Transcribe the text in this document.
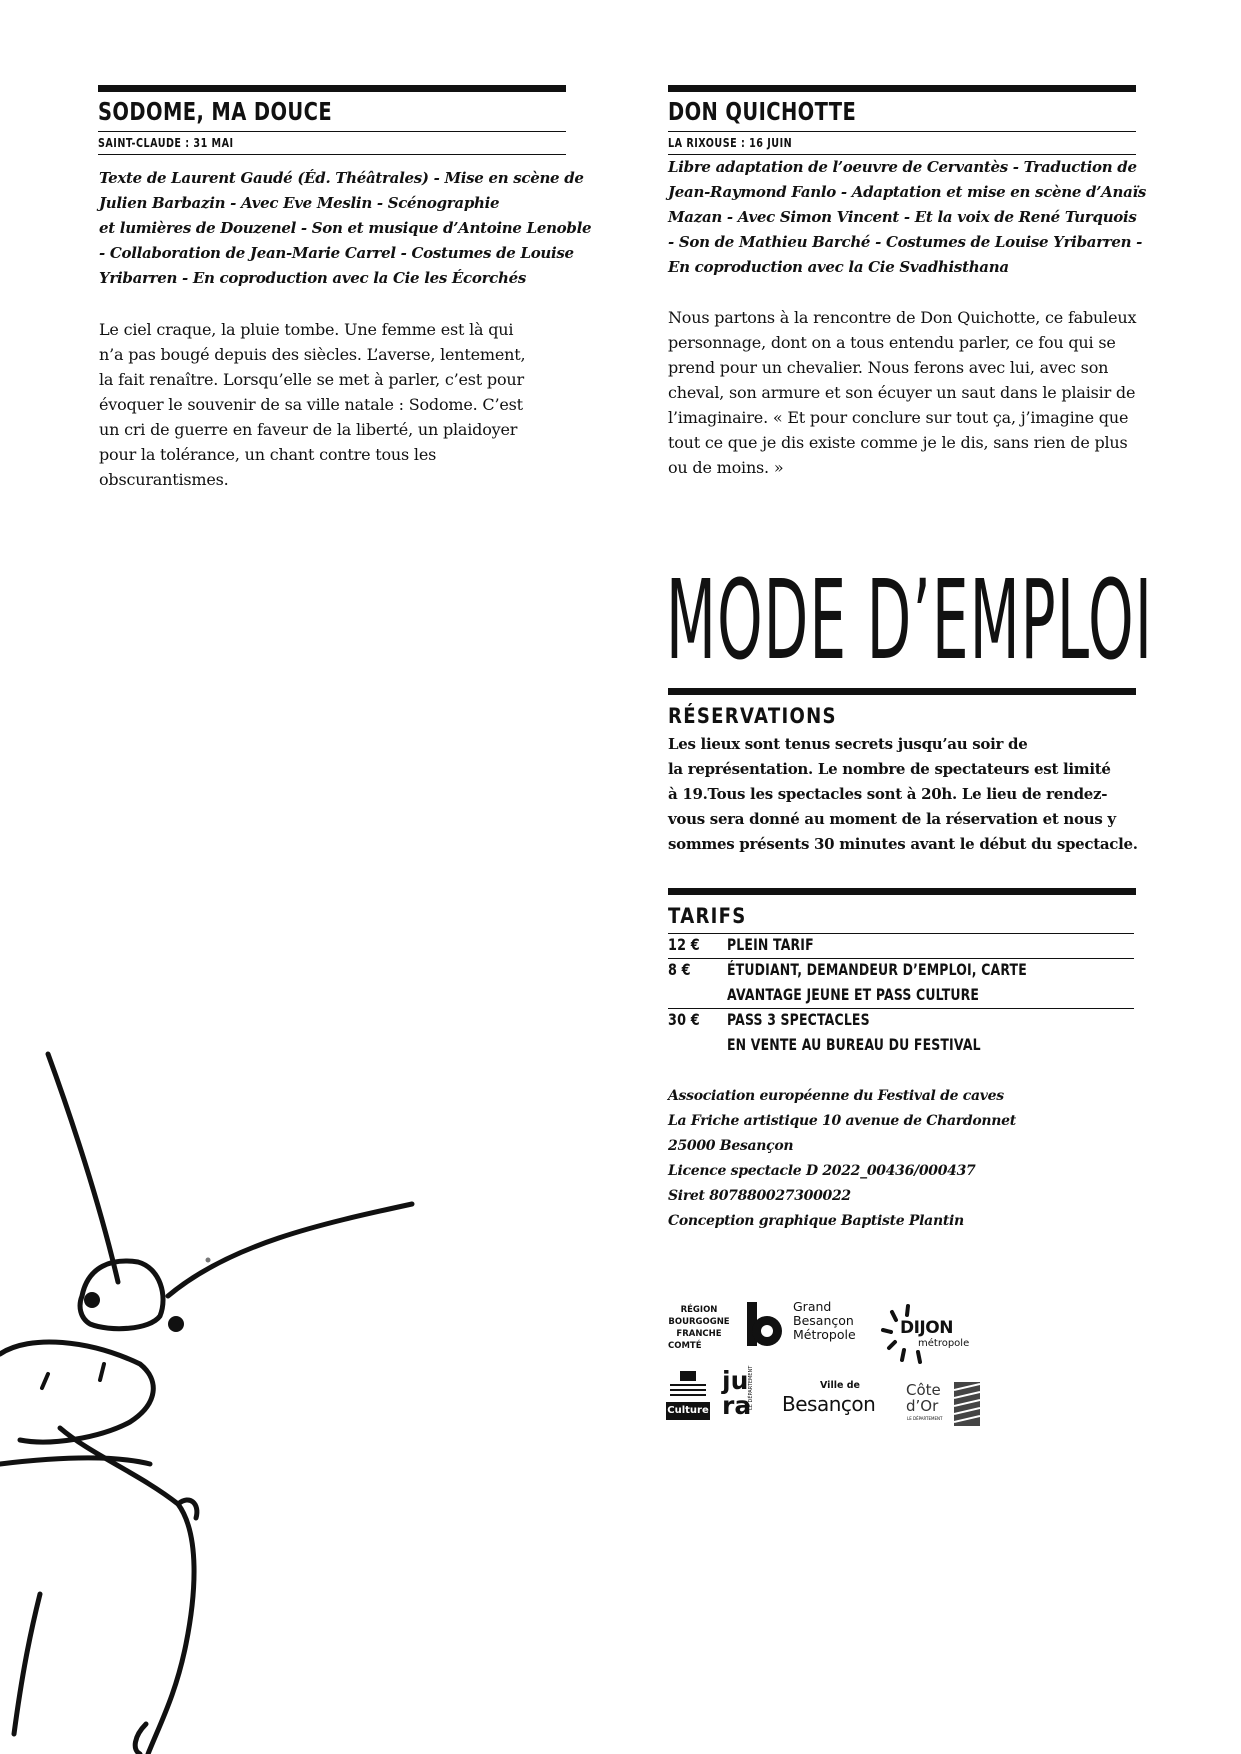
SODOME, MA DOUCE
SAINT-CLAUDE : 31 MAI
Texte de Laurent Gaudé (Éd. Théâtrales) - Mise en scène de
Julien Barbazin - Avec Eve Meslin - Scénographie
et lumières de Douzenel - Son et musique d’Antoine Lenoble
- Collaboration de Jean-Marie Carrel - Costumes de Louise
Yribarren - En coproduction avec la Cie les Écorchés
Le ciel craque, la pluie tombe. Une femme est là qui
n’a pas bougé depuis des siècles. L’averse, lentement,
la fait renaître. Lorsqu’elle se met à parler, c’est pour
évoquer le souvenir de sa ville natale : Sodome. C’est
un cri de guerre en faveur de la liberté, un plaidoyer
pour la tolérance, un chant contre tous les
obscurantismes.
DON QUICHOTTE
LA RIXOUSE : 16 JUIN
Libre adaptation de l’oeuvre de Cervantès - Traduction de
Jean-Raymond Fanlo - Adaptation et mise en scène d’Anaïs
Mazan - Avec Simon Vincent - Et la voix de René Turquois
- Son de Mathieu Barché - Costumes de Louise Yribarren -
En coproduction avec la Cie Svadhisthana
Nous partons à la rencontre de Don Quichotte, ce fabuleux
personnage, dont on a tous entendu parler, ce fou qui se
prend pour un chevalier. Nous ferons avec lui, avec son
cheval, son armure et son écuyer un saut dans le plaisir de
l’imaginaire. « Et pour conclure sur tout ça, j’imagine que
tout ce que je dis existe comme je le dis, sans rien de plus
ou de moins. »
MODE D’EMPLOI
RÉSERVATIONS
Les lieux sont tenus secrets jusqu’au soir de
la représentation. Le nombre de spectateurs est limité
à 19.Tous les spectacles sont à 20h. Le lieu de rendez-
vous sera donné au moment de la réservation et nous y
sommes présents 30 minutes avant le début du spectacle.
TARIFS
12 € PLEIN TARIF
8 € ÉTUDIANT, DEMANDEUR D’EMPLOI, CARTE
AVANTAGE JEUNE ET PASS CULTURE
30 € PASS 3 SPECTACLES
EN VENTE AU BUREAU DU FESTIVAL
Association européenne du Festival de caves
La Friche artistique 10 avenue de Chardonnet
25000 Besançon
Licence spectacle D 2022_00436/000437
Siret 807880027300022
Conception graphique Baptiste Plantin
RÉGION
BOURGOGNE
FRANCHE
COMTÉ
Grand
Besançon
Métropole	DIJON
métropole
Culture
ju
ra
LE DÉPARTEMENT	Ville de
Besançon
Côte
d’Or
LE DÉPARTEMENT
